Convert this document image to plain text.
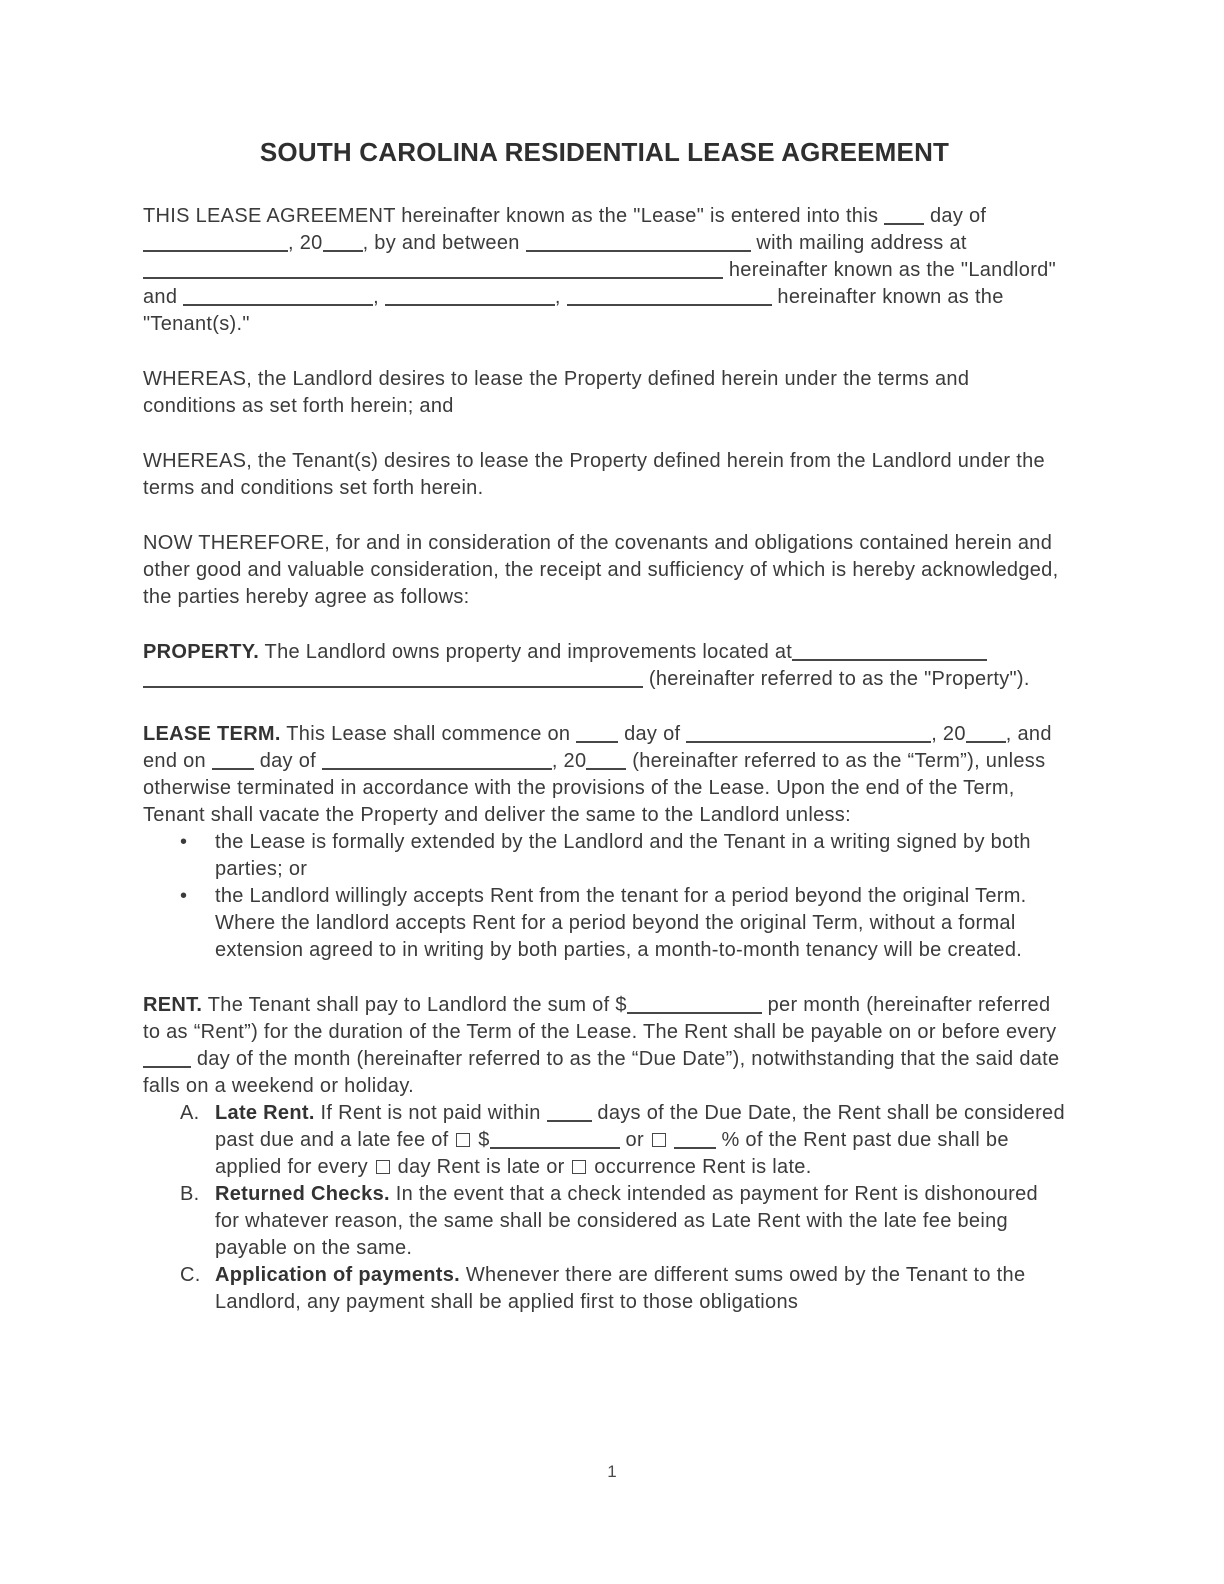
SOUTH CAROLINA RESIDENTIAL LEASE AGREEMENT

THIS LEASE AGREEMENT hereinafter known as the "Lease" is entered into this  day of , 20 , by and between	with mailing address at  hereinafter known as the "Landlord" and	,	,	hereinafter known as the "Tenant(s)."

WHEREAS, the Landlord desires to lease the Property defined herein under the terms and conditions as set forth herein; and

WHEREAS, the Tenant(s) desires to lease the Property defined herein from the Landlord under the terms and conditions set forth herein.

NOW THEREFORE, for and in consideration of the covenants and obligations contained herein and other good and valuable consideration, the receipt and sufficiency of which is hereby acknowledged, the parties hereby agree as follows:

PROPERTY. The Landlord owns property and improvements located at  (hereinafter referred to as the "Property").

LEASE TERM. This Lease shall commence on  day of	, 20 , and end on  day of	, 20 (hereinafter referred to as the “Term”), unless otherwise terminated in accordance with the provisions of the Lease. Upon the end of the Term, Tenant shall vacate the Property and deliver the same to the Landlord unless:

•	the Lease is formally extended by the Landlord and the Tenant in a writing signed by both parties; or
•	the Landlord willingly accepts Rent from the tenant for a period beyond the original Term. Where the landlord accepts Rent for a period beyond the original Term, without a formal extension agreed to in writing by both parties, a month-to-month tenancy will be created.

RENT. The Tenant shall pay to Landlord the sum of $	per month (hereinafter referred to as “Rent”) for the duration of the Term of the Lease. The Rent shall be payable on or before every  day of the month (hereinafter referred to as the “Due Date”), notwithstanding that the said date falls on a weekend or holiday.

A. Late Rent. If Rent is not paid within  days of the Due Date, the Rent shall be considered past due and a late fee of  $	or	% of the Rent past due shall be applied for every  day Rent is late or  occurrence Rent is late.
B. Returned Checks. In the event that a check intended as payment for Rent is dishonoured for whatever reason, the same shall be considered as Late Rent with the late fee being payable on the same.
C. Application of payments. Whenever there are different sums owed by the Tenant to the Landlord, any payment shall be applied first to those obligations
1
